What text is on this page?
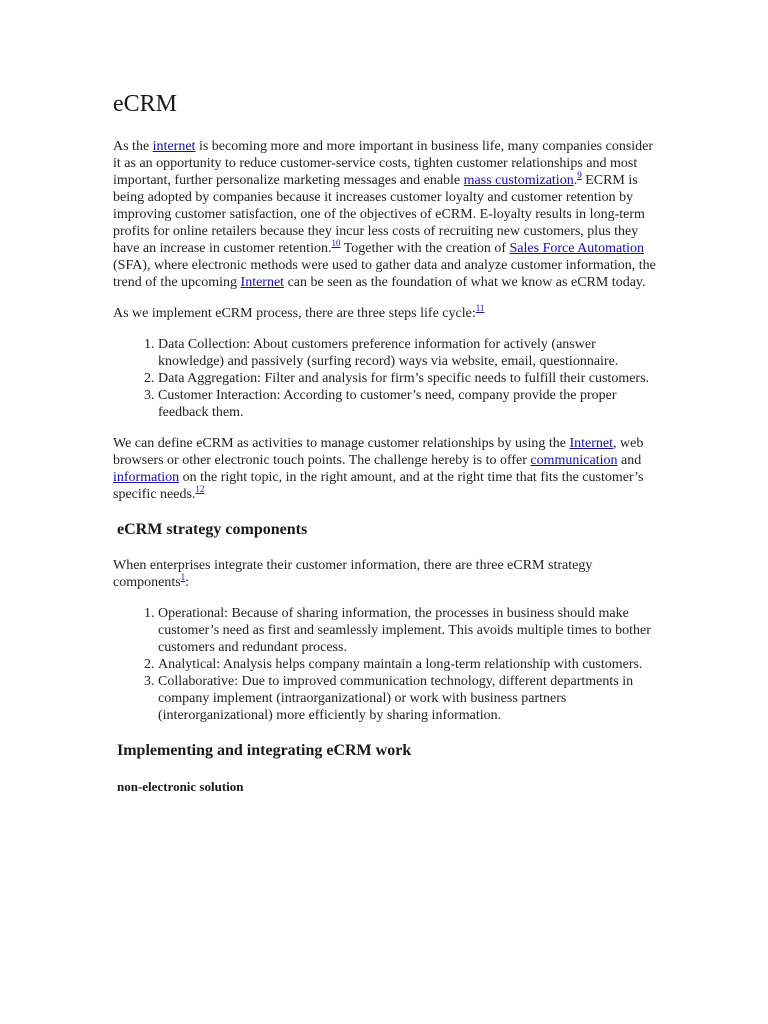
eCRM

As the internet is becoming more and more important in business life, many companies consider it as an opportunity to reduce customer-service costs, tighten customer relationships and most important, further personalize marketing messages and enable mass customization.$^9$ ECRM is being adopted by companies because it increases customer loyalty and customer retention by improving customer satisfaction, one of the objectives of eCRM. E-loyalty results in long-term profits for online retailers because they incur less costs of recruiting new customers, plus they have an increase in customer retention.$^{10}$ Together with the creation of Sales Force Automation (SFA), where electronic methods were used to gather data and analyze customer information, the trend of the upcoming Internet can be seen as the foundation of what we know as eCRM today.

As we implement eCRM process, there are three steps life cycle:$^{11}$

1. Data Collection: About customers preference information for actively (answer knowledge) and passively (surfing record) ways via website, email, questionnaire.
2. Data Aggregation: Filter and analysis for firm’s specific needs to fulfill their customers.
3. Customer Interaction: According to customer’s need, company provide the proper feedback them.

We can define eCRM as activities to manage customer relationships by using the Internet, web browsers or other electronic touch points. The challenge hereby is to offer communication and information on the right topic, in the right amount, and at the right time that fits the customer’s specific needs.$^{12}$

eCRM strategy components

When enterprises integrate their customer information, there are three eCRM strategy components$^1$:

1. Operational: Because of sharing information, the processes in business should make customer’s need as first and seamlessly implement. This avoids multiple times to bother customers and redundant process.
2. Analytical: Analysis helps company maintain a long-term relationship with customers.
3. Collaborative: Due to improved communication technology, different departments in company implement (intraorganizational) or work with business partners (interorganizational) more efficiently by sharing information.
Implementing and integrating eCRM work
non-electronic solution
